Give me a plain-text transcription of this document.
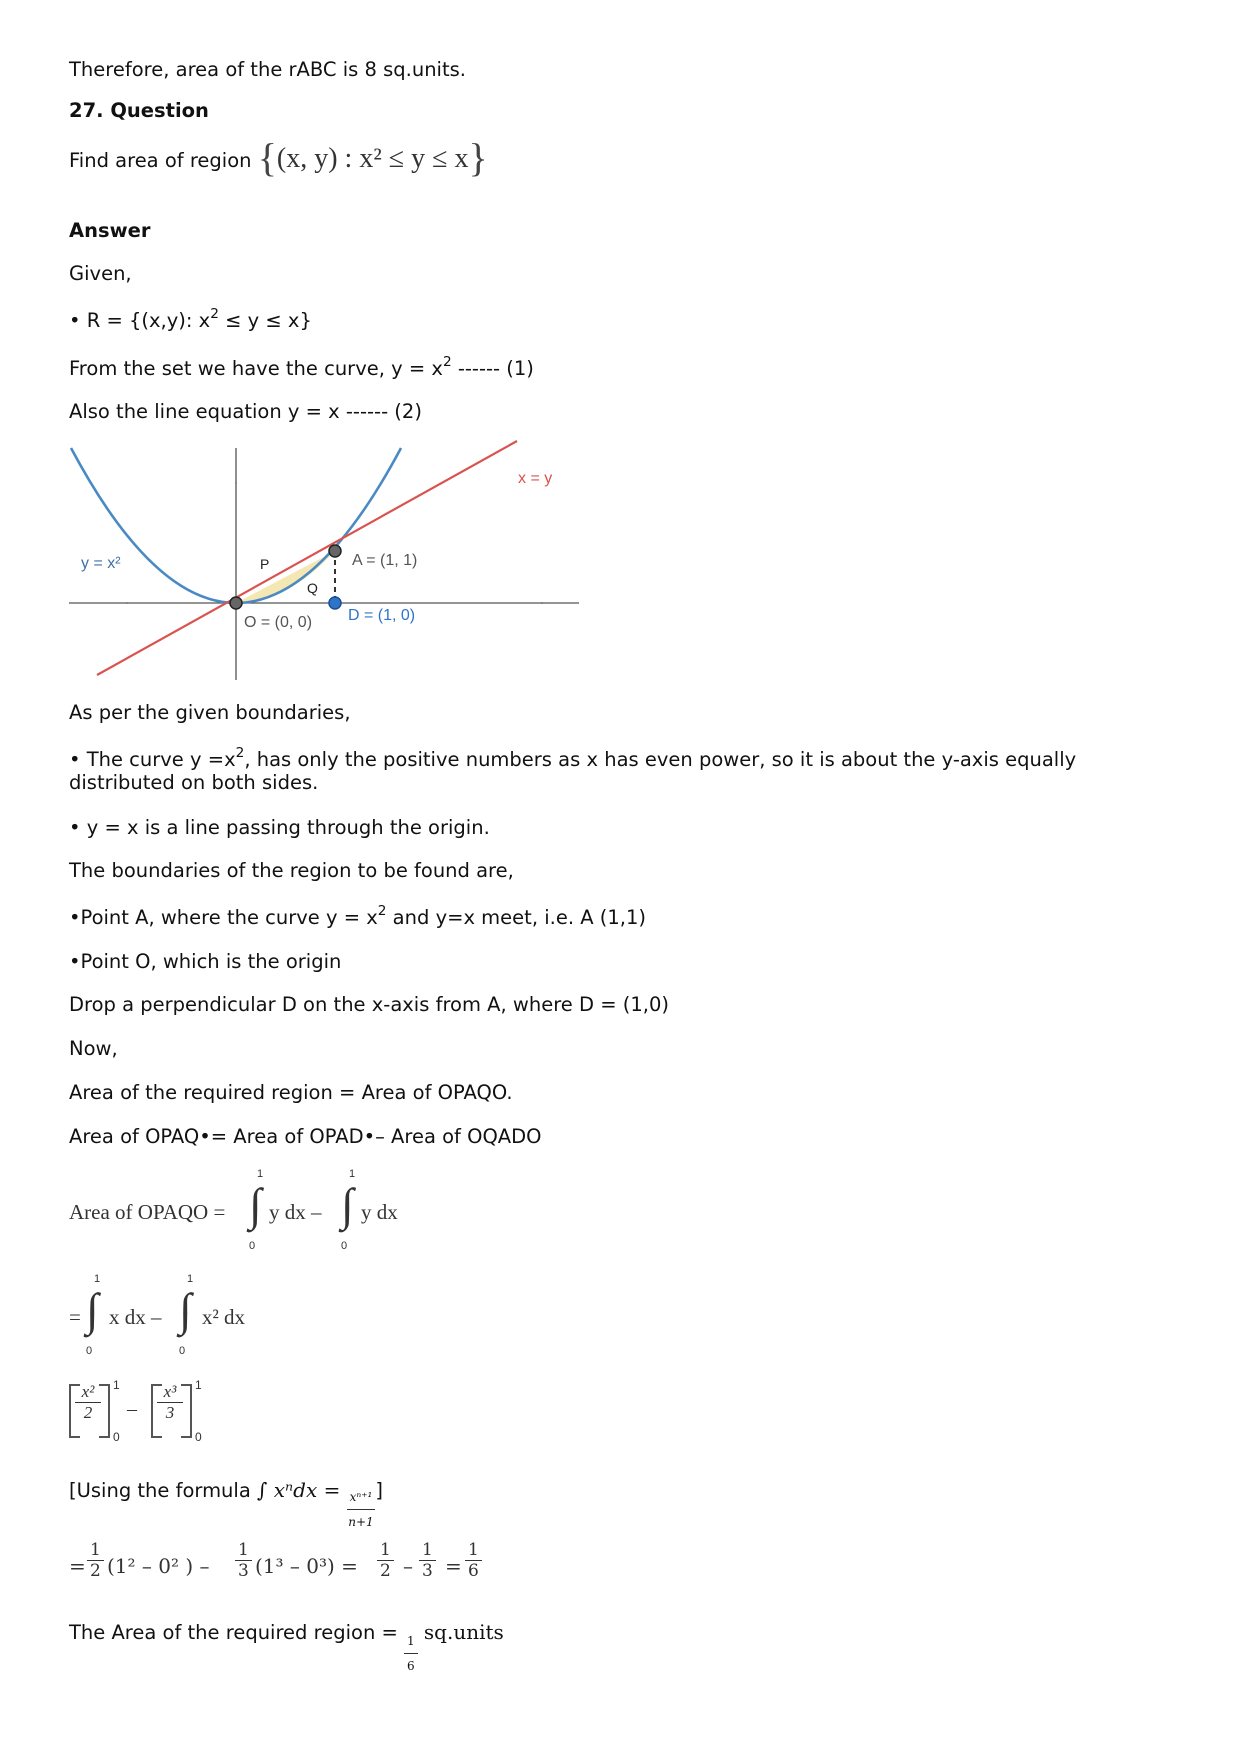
Therefore, area of the rABC is 8 sq.units.
27. Question
Find area of region {(x, y) : x² ≤ y ≤ x}
Answer
Given,
• R = {(x,y): $x^2 \le y \le x$}
From the set we have the curve, $y = x^2$ ------ (1)
Also the line equation y = x ------ (2)
y = x²
x = y
P
Q
A = (1, 1)
O = (0, 0) D = (1, 0)
As per the given boundaries,
• The curve $y =x^2$, has only the positive numbers as x has even power, so it is about the y-axis equally
distributed on both sides.
• y = x is a line passing through the origin.
The boundaries of the region to be found are,
•Point A, where the curve $y = x^2$ and y=x meet, i.e. A (1,1)
•Point O, which is the origin
Drop a perpendicular D on the x-axis from A, where D = (1,0)
Now,
Area of the required region = Area of OPAQO.
Area of OPAQ•= Area of OPAD•– Area of OQADO
Area of OPAQO = ∫
1
0
y dx – ∫
1
0
y dx
= ∫
1
0
x dx – ∫
1
0
x² dx
x²
2
1
0
–
x³
3
1
0
[Using the formula ∫ $x^ndx = \frac{\text{xⁿ⁺¹}}{n+1}$ ]
= $\frac{1}{2} (1^2 - 0^2$ ) – $\frac{1}{3} (1^3 - 0^3) = \frac{1}{2} - \frac{1}{3} = \frac{1}{6}$
The Area of the required region = $\frac{1}{6}$ sq.units
